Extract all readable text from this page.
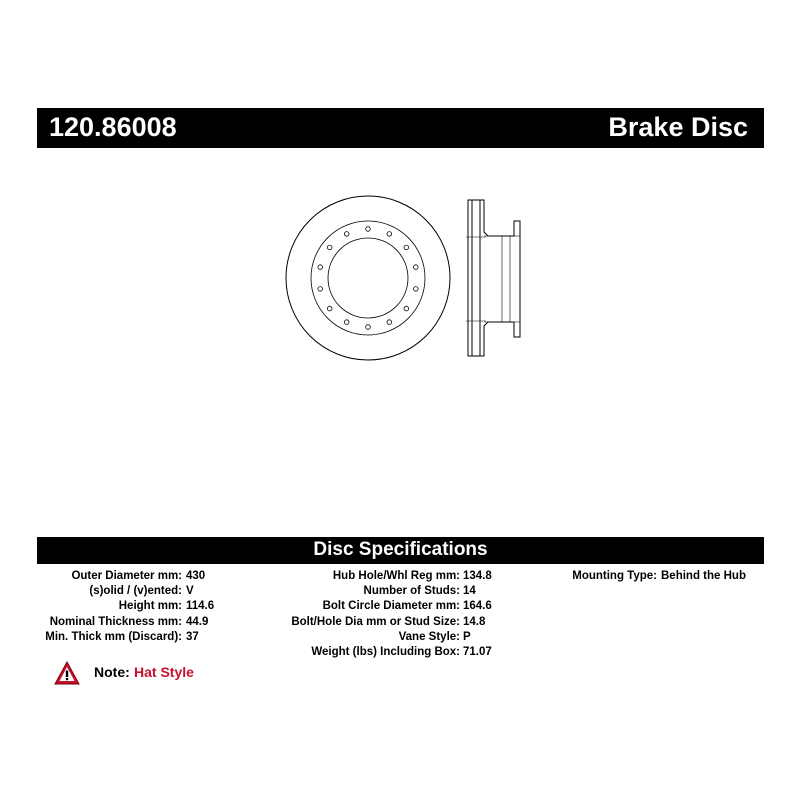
120.86008	Brake Disc
Disc Specifications
Outer Diameter mm: 430
(s)olid / (v)ented: V
Height mm: 114.6
Nominal Thickness mm: 44.9
Min. Thick mm (Discard): 37
Hub Hole/Whl Reg mm: 134.8
Number of Studs: 14
Bolt Circle Diameter mm: 164.6
Bolt/Hole Dia mm or Stud Size: 14.8
Vane Style: P
Weight (lbs) Including Box: 71.07
Mounting Type: Behind the Hub
Note: Hat Style
